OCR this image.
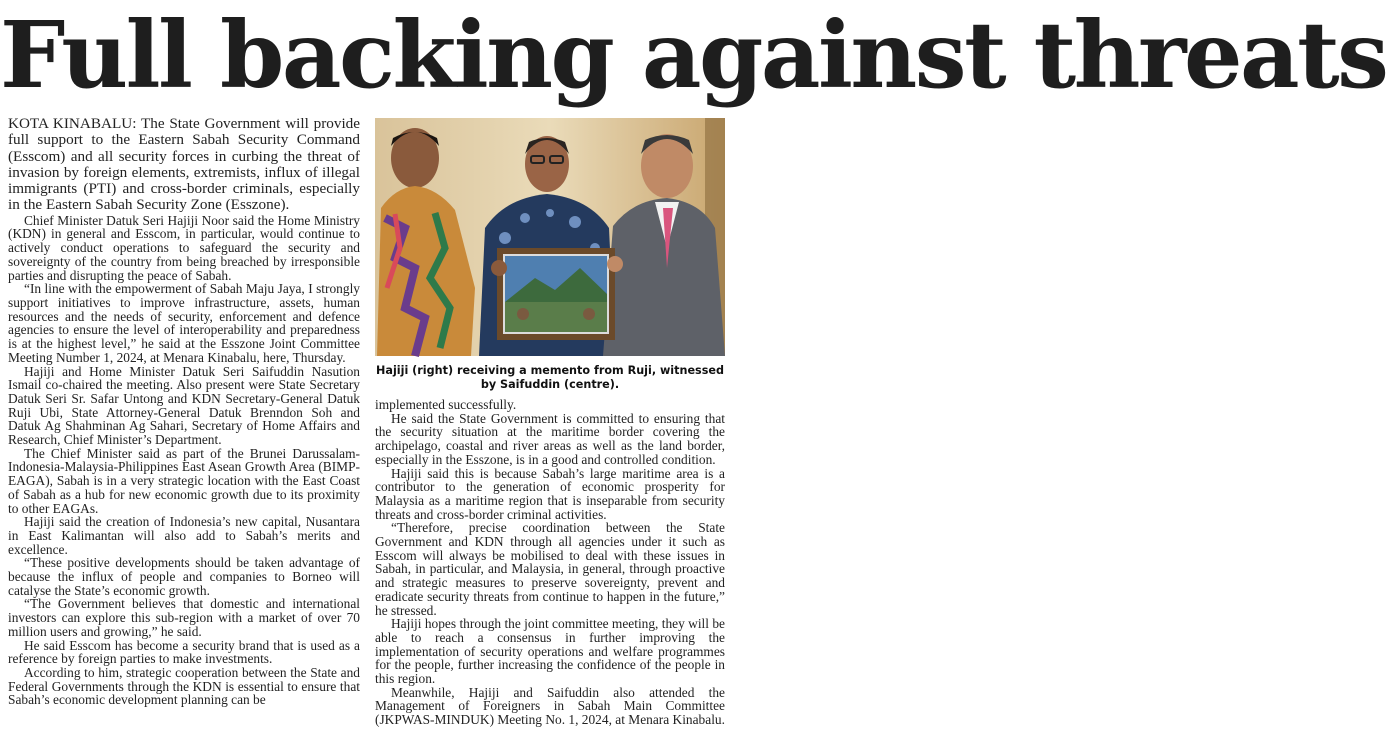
Full backing against threats

KOTA KINABALU: The State Government will provide full support to the Eastern Sabah Security Command (Esscom) and all security forces in curbing the threat of invasion by foreign elements, extremists, influx of illegal immigrants (PTI) and cross-border criminals, especially in the Eastern Sabah Security Zone (Esszone).

Chief Minister Datuk Seri Hajiji Noor said the Home Ministry (KDN) in general and Esscom, in particular, would continue to actively conduct operations to safeguard the security and sovereignty of the country from being breached by irresponsible parties and disrupting the peace of Sabah.

“In line with the empowerment of Sabah Maju Jaya, I strongly support initiatives to improve infrastructure, assets, human resources and the needs of security, enforcement and defence agencies to ensure the level of interoperability and preparedness is at the highest level,” he said at the Esszone Joint Committee Meeting Number 1, 2024, at Menara Kinabalu, here, Thursday.

Hajiji and Home Minister Datuk Seri Saifuddin Nasution Ismail co-chaired the meeting. Also present were State Secretary Datuk Seri Sr. Safar Untong and KDN Secretary-General Datuk Ruji Ubi, State Attorney-General Datuk Brenndon Soh and Datuk Ag Shahminan Ag Sahari, Secretary of Home Affairs and Research, Chief Minister’s Department.

The Chief Minister said as part of the Brunei Darussalam-Indonesia-Malaysia-Philippines East Asean Growth Area (BIMP-EAGA), Sabah is in a very strategic location with the East Coast of Sabah as a hub for new economic growth due to its proximity to other EAGAs.

Hajiji said the creation of Indonesia’s new capital, Nusantara in East Kalimantan will also add to Sabah’s merits and excellence.

“These positive developments should be taken advantage of because the influx of people and companies to Borneo will catalyse the State’s economic growth.

“The Government believes that domestic and international investors can explore this sub-region with a market of over 70 million users and growing,” he said.

He said Esscom has become a security brand that is used as a reference by foreign parties to make investments.

According to him, strategic cooperation between the State and Federal Governments through the KDN is essential to ensure that Sabah’s economic development planning can be

Hajiji (right) receiving a memento from Ruji, witnessed by Saifuddin (centre).

implemented successfully.

He said the State Government is committed to ensuring that the security situation at the maritime border covering the archipelago, coastal and river areas as well as the land border, especially in the Esszone, is in a good and controlled condition.

Hajiji said this is because Sabah’s large maritime area is a contributor to the generation of economic prosperity for Malaysia as a maritime region that is inseparable from security threats and cross-border criminal activities.

“Therefore, precise coordination between the State Government and KDN through all agencies under it such as Esscom will always be mobilised to deal with these issues in Sabah, in particular, and Malaysia, in general, through proactive and strategic measures to preserve sovereignty, prevent and eradicate security threats from continue to happen in the future,” he stressed.

Hajiji hopes through the joint committee meeting, they will be able to reach a consensus in further improving the implementation of security operations and welfare programmes for the people, further increasing the confidence of the people in this region.

Meanwhile, Hajiji and Saifuddin also attended the Management of Foreigners in Sabah Main Committee (JKPWAS-MINDUK) Meeting No. 1, 2024, at Menara Kinabalu.
